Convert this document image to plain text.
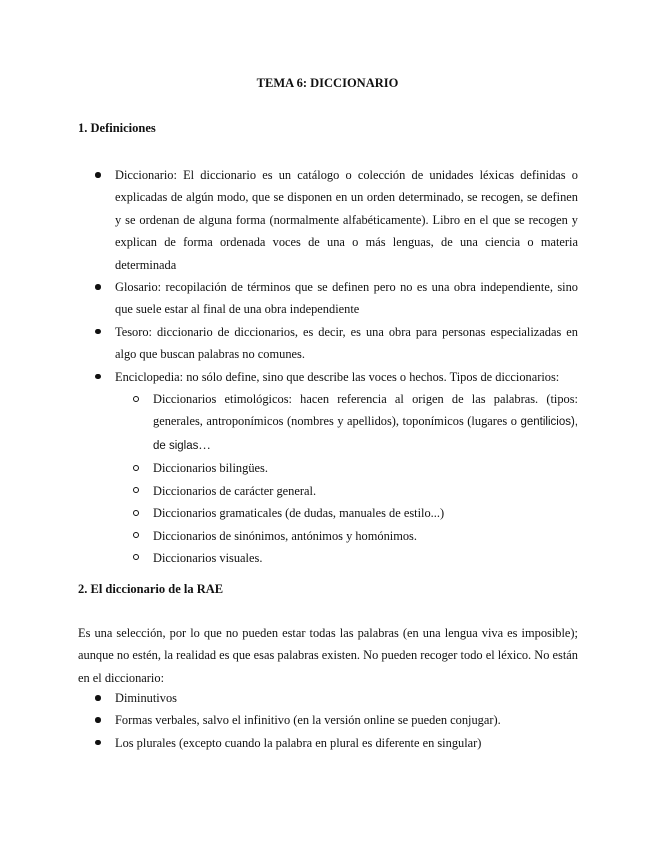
TEMA 6: DICCIONARIO
1. Definiciones
Diccionario: El diccionario es un catálogo o colección de unidades léxicas definidas o explicadas de algún modo, que se disponen en un orden determinado, se recogen, se definen y se ordenan de alguna forma (normalmente alfabéticamente). Libro en el que se recogen y explican de forma ordenada voces de una o más lenguas, de una ciencia o materia determinada
Glosario: recopilación de términos que se definen pero no es una obra independiente, sino que suele estar al final de una obra independiente
Tesoro: diccionario de diccionarios, es decir, es una obra para personas especializadas en algo que buscan palabras no comunes.
Enciclopedia: no sólo define, sino que describe las voces o hechos. Tipos de diccionarios:
Diccionarios etimológicos: hacen referencia al origen de las palabras. (tipos: generales, antroponímicos (nombres y apellidos), toponímicos (lugares o gentilicios), de siglas…
Diccionarios bilingües.
Diccionarios de carácter general.
Diccionarios gramaticales (de dudas, manuales de estilo...)
Diccionarios de sinónimos, antónimos y homónimos.
Diccionarios visuales.
2. El diccionario de la RAE
Es una selección, por lo que no pueden estar todas las palabras (en una lengua viva es imposible); aunque no estén, la realidad es que esas palabras existen. No pueden recoger todo el léxico. No están en el diccionario:
Diminutivos
Formas verbales, salvo el infinitivo (en la versión online se pueden conjugar).
Los plurales (excepto cuando la palabra en plural es diferente en singular)
